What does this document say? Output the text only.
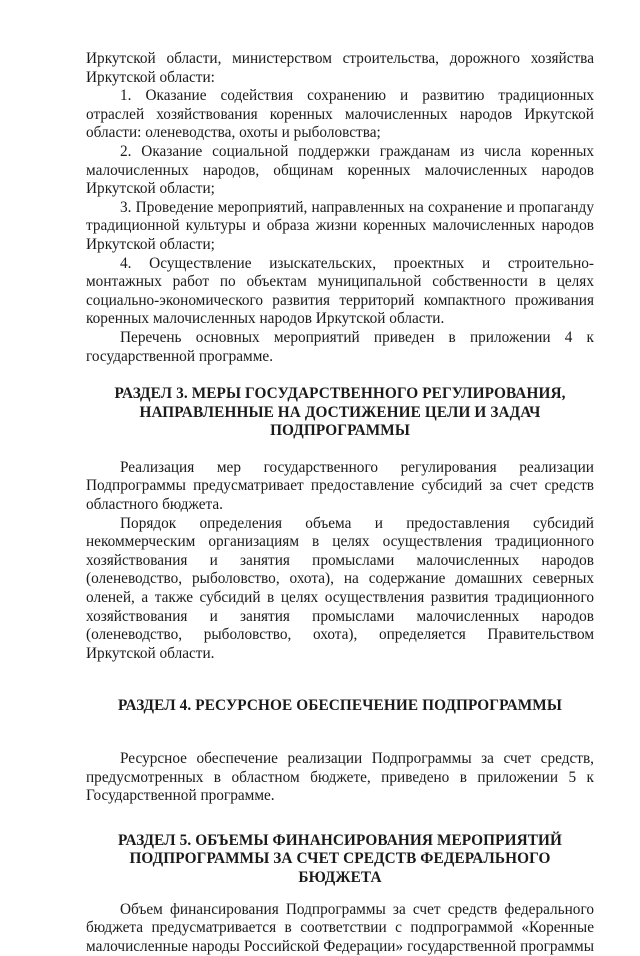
Иркутской области, министерством строительства, дорожного хозяйства Иркутской области:

1. Оказание содействия сохранению и развитию традиционных отраслей хозяйствования коренных малочисленных народов Иркутской области: оленеводства, охоты и рыболовства;

2. Оказание социальной поддержки гражданам из числа коренных малочисленных народов, общинам коренных малочисленных народов Иркутской области;

3. Проведение мероприятий, направленных на сохранение и пропаганду традиционной культуры и образа жизни коренных малочисленных народов Иркутской области;

4. Осуществление изыскательских, проектных и строительно-монтажных работ по объектам муниципальной собственности в целях социально-экономического развития территорий компактного проживания коренных малочисленных народов Иркутской области.

Перечень основных мероприятий приведен в приложении 4 к государственной программе.

РАЗДЕЛ 3. МЕРЫ ГОСУДАРСТВЕННОГО РЕГУЛИРОВАНИЯ,
НАПРАВЛЕННЫЕ НА ДОСТИЖЕНИЕ ЦЕЛИ И ЗАДАЧ ПОДПРОГРАММЫ

Реализация мер государственного регулирования реализации Подпрограммы предусматривает предоставление субсидий за счет средств областного бюджета.

Порядок определения объема и предоставления субсидий некоммерческим организациям в целях осуществления традиционного хозяйствования и занятия промыслами малочисленных народов (оленеводство, рыболовство, охота), на содержание домашних северных оленей, а также субсидий в целях осуществления развития традиционного хозяйствования и занятия промыслами малочисленных народов (оленеводство, рыболовство, охота), определяется Правительством Иркутской области.

РАЗДЕЛ 4. РЕСУРСНОЕ ОБЕСПЕЧЕНИЕ ПОДПРОГРАММЫ

Ресурсное обеспечение реализации Подпрограммы за счет средств, предусмотренных в областном бюджете, приведено в приложении 5 к Государственной программе.

РАЗДЕЛ 5. ОБЪЕМЫ ФИНАНСИРОВАНИЯ МЕРОПРИЯТИЙ
ПОДПРОГРАММЫ ЗА СЧЕТ СРЕДСТВ ФЕДЕРАЛЬНОГО БЮДЖЕТА

Объем финансирования Подпрограммы за счет средств федерального бюджета предусматривается в соответствии с подпрограммой «Коренные малочисленные народы Российской Федерации» государственной программы
